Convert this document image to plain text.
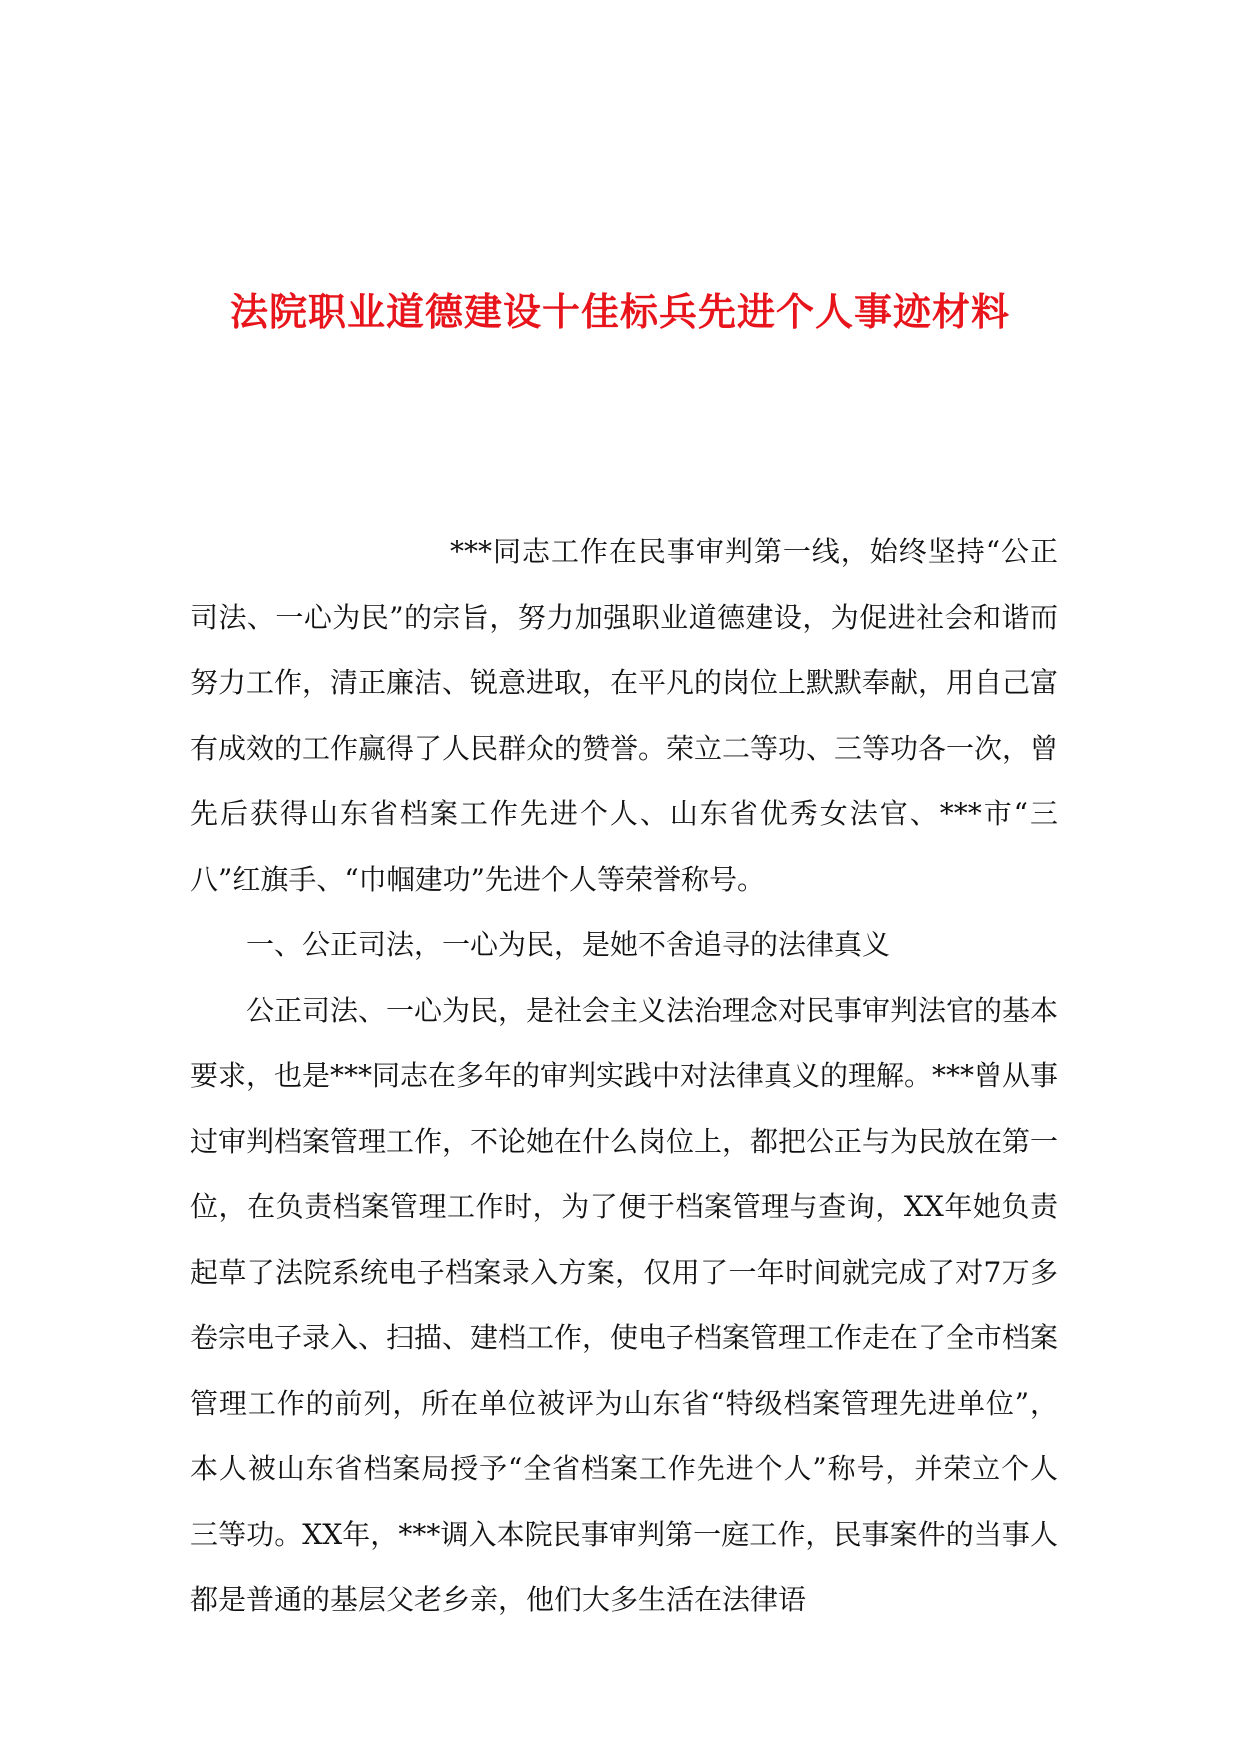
法院职业道德建设十佳标兵先进个人事迹材料

***同志工作在民事审判第一线，始终坚持“公正司法、一心为民”的宗旨，努力加强职业道德建设，为促进社会和谐而努力工作，清正廉洁、锐意进取，在平凡的岗位上默默奉献，用自己富有成效的工作赢得了人民群众的赞誉。荣立二等功、三等功各一次，曾先后获得山东省档案工作先进个人、山东省优秀女法官、***市“三八”红旗手、“巾帼建功”先进个人等荣誉称号。

一、公正司法，一心为民，是她不舍追寻的法律真义

公正司法、一心为民，是社会主义法治理念对民事审判法官的基本要求，也是***同志在多年的审判实践中对法律真义的理解。***曾从事过审判档案管理工作，不论她在什么岗位上，都把公正与为民放在第一位，在负责档案管理工作时，为了便于档案管理与查询，XX年她负责起草了法院系统电子档案录入方案，仅用了一年时间就完成了对7万多卷宗电子录入、扫描、建档工作，使电子档案管理工作走在了全市档案管理工作的前列，所在单位被评为山东省“特级档案管理先进单位”，本人被山东省档案局授予“全省档案工作先进个人”称号，并荣立个人三等功。XX年，***调入本院民事审判第一庭工作，民事案件的当事人都是普通的基层父老乡亲，他们大多生活在法律语
